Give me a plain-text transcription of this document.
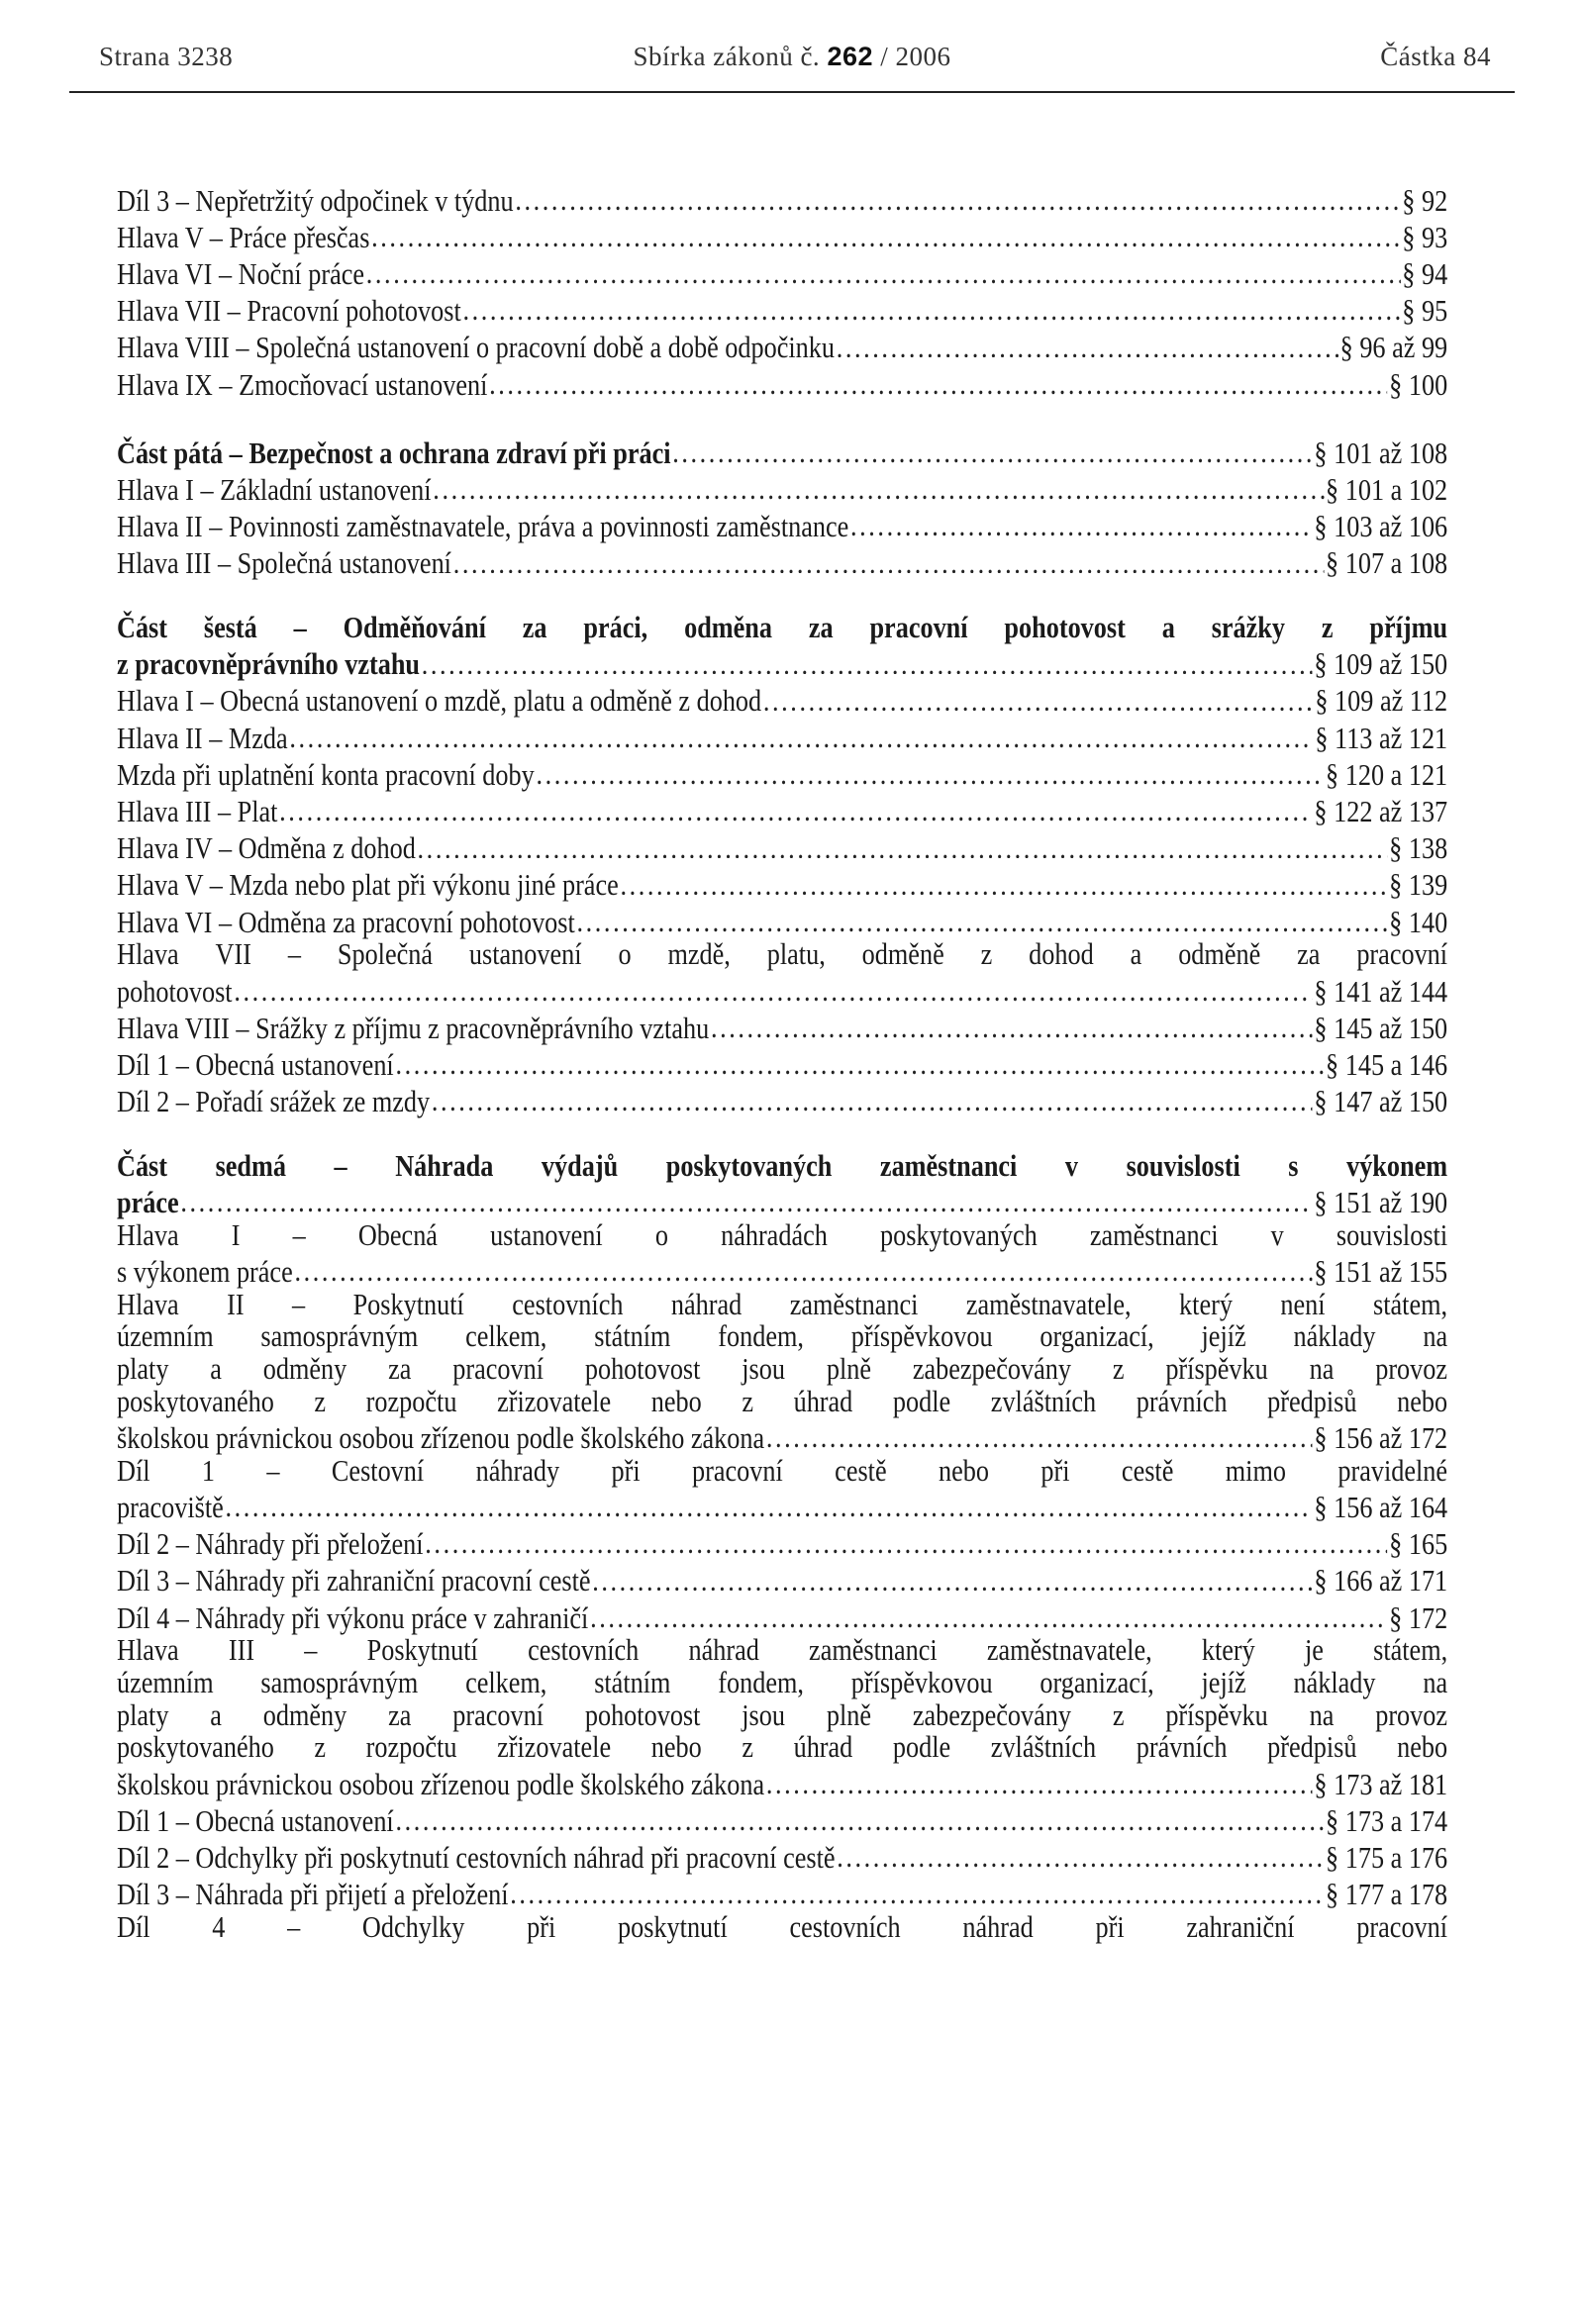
Strana 3238	Sbírka zákonů č. 262 / 2006	Částka 84
Díl 3 – Nepřetržitý odpočinek v týdnu .....	§ 92
Hlava V – Práce přesčas .....	§ 93
Hlava VI – Noční práce .....	§ 94
Hlava VII – Pracovní pohotovost .....	§ 95
Hlava VIII – Společná ustanovení o pracovní době a době odpočinku .....	§ 96 až 99
Hlava IX – Zmocňovací ustanovení .....	§ 100
Část pátá – Bezpečnost a ochrana zdraví při práci .....	§ 101 až 108
Hlava I – Základní ustanovení .....	§ 101 a 102
Hlava II – Povinnosti zaměstnavatele, práva a povinnosti zaměstnance .....	§ 103 až 106
Hlava III – Společná ustanovení .....	§ 107 a 108
Část šestá – Odměňování za práci, odměna za pracovní pohotovost a srážky z příjmu
z pracovněprávního vztahu .....	§ 109 až 150
Hlava I – Obecná ustanovení o mzdě, platu a odměně z dohod .....	§ 109 až 112
Hlava II – Mzda .....	§ 113 až 121
Mzda při uplatnění konta pracovní doby .....	§ 120 a 121
Hlava III – Plat .....	§ 122 až 137
Hlava IV – Odměna z dohod .....	§ 138
Hlava V – Mzda nebo plat při výkonu jiné práce .....	§ 139
Hlava VI – Odměna za pracovní pohotovost .....	§ 140
Hlava VII – Společná ustanovení o mzdě, platu, odměně z dohod a odměně za pracovní
pohotovost .....	§ 141 až 144
Hlava VIII – Srážky z příjmu z pracovněprávního vztahu .....	§ 145 až 150
Díl 1 – Obecná ustanovení .....	§ 145 a 146
Díl 2 – Pořadí srážek ze mzdy .....	§ 147 až 150
Část sedmá – Náhrada výdajů poskytovaných zaměstnanci v souvislosti s výkonem
práce .....	§ 151 až 190
Hlava I – Obecná ustanovení o náhradách poskytovaných zaměstnanci v souvislosti
s výkonem práce .....	§ 151 až 155
Hlava II – Poskytnutí cestovních náhrad zaměstnanci zaměstnavatele, který není státem,
územním samosprávným celkem, státním fondem, příspěvkovou organizací, jejíž náklady na
platy a odměny za pracovní pohotovost jsou plně zabezpečovány z příspěvku na provoz
poskytovaného z rozpočtu zřizovatele nebo z úhrad podle zvláštních právních předpisů nebo
školskou právnickou osobou zřízenou podle školského zákona .....	§ 156 až 172
Díl 1 – Cestovní náhrady při pracovní cestě nebo při cestě mimo pravidelné
pracoviště .....	§ 156 až 164
Díl 2 – Náhrady při přeložení .....	§ 165
Díl 3 – Náhrady při zahraniční pracovní cestě .....	§ 166 až 171
Díl 4 – Náhrady při výkonu práce v zahraničí .....	§ 172
Hlava III – Poskytnutí cestovních náhrad zaměstnanci zaměstnavatele, který je státem,
územním samosprávným celkem, státním fondem, příspěvkovou organizací, jejíž náklady na
platy a odměny za pracovní pohotovost jsou plně zabezpečovány z příspěvku na provoz
poskytovaného z rozpočtu zřizovatele nebo z úhrad podle zvláštních právních předpisů nebo
školskou právnickou osobou zřízenou podle školského zákona .....	§ 173 až 181
Díl 1 – Obecná ustanovení .....	§ 173 a 174
Díl 2 – Odchylky při poskytnutí cestovních náhrad při pracovní cestě .....	§ 175 a 176
Díl 3 – Náhrada při přijetí a přeložení .....	§ 177 a 178
Díl 4 – Odchylky při poskytnutí cestovních náhrad při zahraniční pracovní
